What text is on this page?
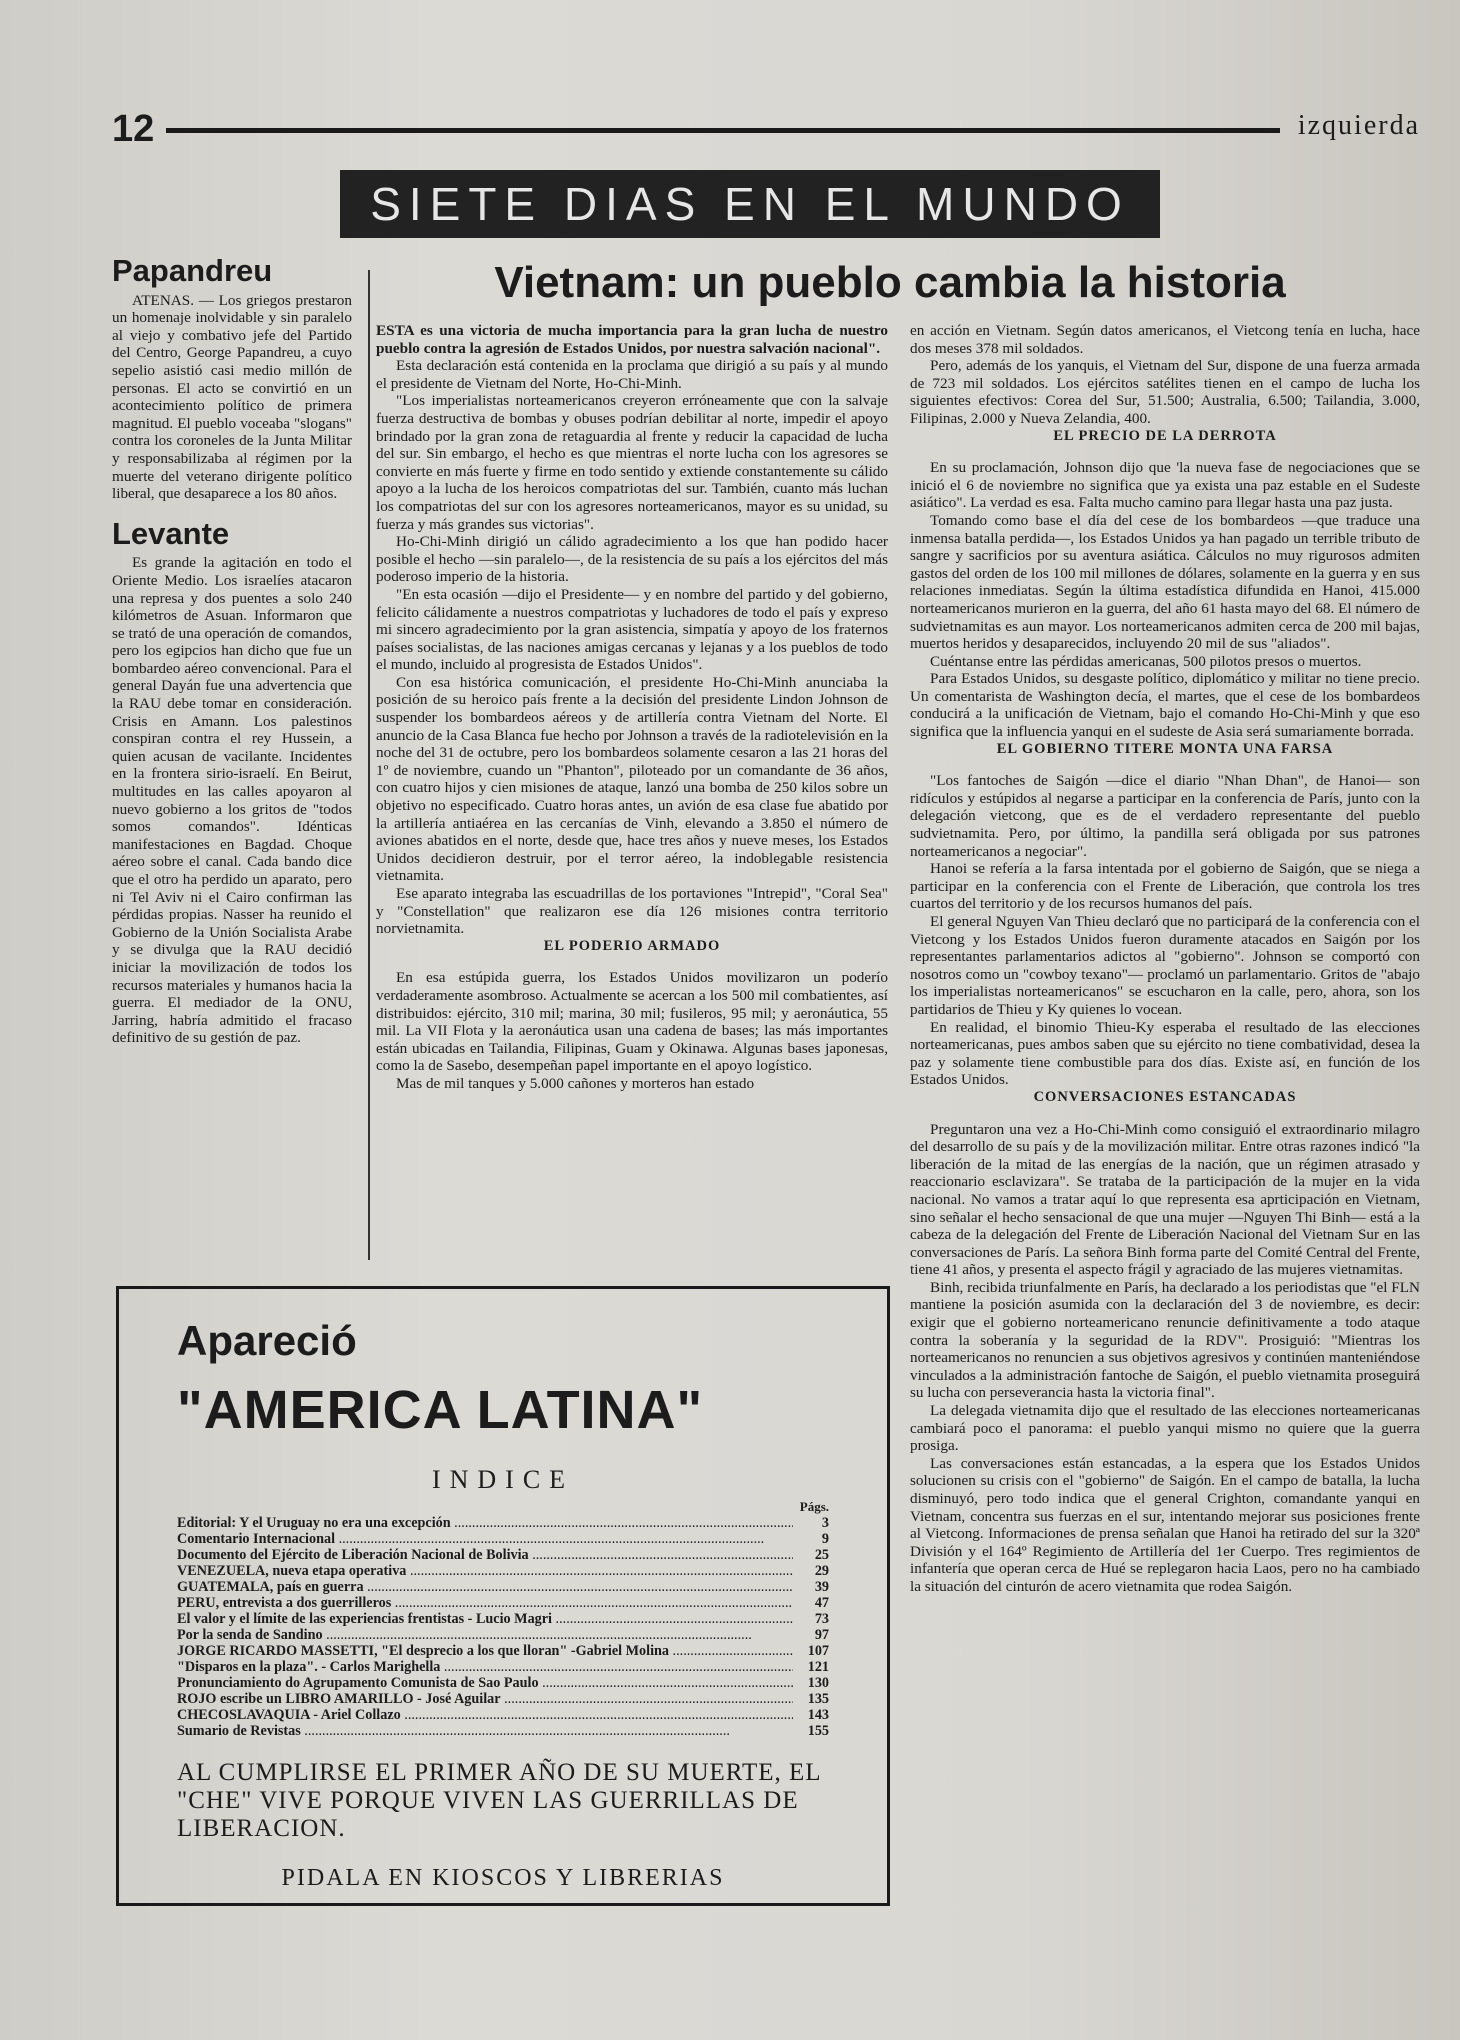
12	izquierda
SIETE DIAS EN EL MUNDO
Papandreu

ATENAS. — Los griegos prestaron un homenaje inolvidable y sin paralelo al viejo y combativo jefe del Partido del Centro, George Papandreu, a cuyo sepelio asistió casi medio millón de personas. El acto se convirtió en un acontecimiento político de primera magnitud. El pueblo voceaba "slogans" contra los coroneles de la Junta Militar y responsabilizaba al régimen por la muerte del veterano dirigente político liberal, que desaparece a los 80 años.

Levante

Es grande la agitación en todo el Oriente Medio. Los israelíes atacaron una represa y dos puentes a solo 240 kilómetros de Asuan. Informaron que se trató de una operación de comandos, pero los egipcios han dicho que fue un bombardeo aéreo convencional. Para el general Dayán fue una advertencia que la RAU debe tomar en consideración. Crisis en Amann. Los palestinos conspiran contra el rey Hussein, a quien acusan de vacilante. Incidentes en la frontera sirio-israelí. En Beirut, multitudes en las calles apoyaron al nuevo gobierno a los gritos de "todos somos comandos". Idénticas manifestaciones en Bagdad. Choque aéreo sobre el canal. Cada bando dice que el otro ha perdido un aparato, pero ni Tel Aviv ni el Cairo confirman las pérdidas propias. Nasser ha reunido el Gobierno de la Unión Socialista Arabe y se divulga que la RAU decidió iniciar la movilización de todos los recursos materiales y humanos hacia la guerra. El mediador de la ONU, Jarring, habría admitido el fracaso definitivo de su gestión de paz.

Vietnam: un pueblo cambia la historia

ESTA es una victoria de mucha importancia para la gran lucha de nuestro pueblo contra la agresión de Estados Unidos, por nuestra salvación nacional".

Esta declaración está contenida en la proclama que dirigió a su país y al mundo el presidente de Vietnam del Norte, Ho-Chi-Minh.

"Los imperialistas norteamericanos creyeron erróneamente que con la salvaje fuerza destructiva de bombas y obuses podrían debilitar al norte, impedir el apoyo brindado por la gran zona de retaguardia al frente y reducir la capacidad de lucha del sur. Sin embargo, el hecho es que mientras el norte lucha con los agresores se convierte en más fuerte y firme en todo sentido y extiende constantemente su cálido apoyo a la lucha de los heroicos compatriotas del sur. También, cuanto más luchan los compatriotas del sur con los agresores norteamericanos, mayor es su unidad, su fuerza y más grandes sus victorias".

Ho-Chi-Minh dirigió un cálido agradecimiento a los que han podido hacer posible el hecho —sin paralelo—, de la resistencia de su país a los ejércitos del más poderoso imperio de la historia.

"En esta ocasión —dijo el Presidente— y en nombre del partido y del gobierno, felicito cálidamente a nuestros compatriotas y luchadores de todo el país y expreso mi sincero agradecimiento por la gran asistencia, simpatía y apoyo de los fraternos países socialistas, de las naciones amigas cercanas y lejanas y a los pueblos de todo el mundo, incluido al progresista de Estados Unidos".

Con esa histórica comunicación, el presidente Ho-Chi-Minh anunciaba la posición de su heroico país frente a la decisión del presidente Lindon Johnson de suspender los bombardeos aéreos y de artillería contra Vietnam del Norte. El anuncio de la Casa Blanca fue hecho por Johnson a través de la radiotelevisión en la noche del 31 de octubre, pero los bombardeos solamente cesaron a las 21 horas del 1º de noviembre, cuando un "Phanton", piloteado por un comandante de 36 años, con cuatro hijos y cien misiones de ataque, lanzó una bomba de 250 kilos sobre un objetivo no especificado. Cuatro horas antes, un avión de esa clase fue abatido por la artillería antiaérea en las cercanías de Vinh, elevando a 3.850 el número de aviones abatidos en el norte, desde que, hace tres años y nueve meses, los Estados Unidos decidieron destruir, por el terror aéreo, la indoblegable resistencia vietnamita.

Ese aparato integraba las escuadrillas de los portaviones "Intrepid", "Coral Sea" y "Constellation" que realizaron ese día 126 misiones contra territorio norvietnamita.

EL PODERIO ARMADO

En esa estúpida guerra, los Estados Unidos movilizaron un poderío verdaderamente asombroso. Actualmente se acercan a los 500 mil combatientes, así distribuidos: ejército, 310 mil; marina, 30 mil; fusileros, 95 mil; y aeronáutica, 55 mil. La VII Flota y la aeronáutica usan una cadena de bases; las más importantes están ubicadas en Tailandia, Filipinas, Guam y Okinawa. Algunas bases japonesas, como la de Sasebo, desempeñan papel importante en el apoyo logístico.

Mas de mil tanques y 5.000 cañones y morteros han estado

en acción en Vietnam. Según datos americanos, el Vietcong tenía en lucha, hace dos meses 378 mil soldados.

Pero, además de los yanquis, el Vietnam del Sur, dispone de una fuerza armada de 723 mil soldados. Los ejércitos satélites tienen en el campo de lucha los siguientes efectivos: Corea del Sur, 51.500; Australia, 6.500; Tailandia, 3.000, Filipinas, 2.000 y Nueva Zelandia, 400.

EL PRECIO DE LA DERROTA

En su proclamación, Johnson dijo que 'la nueva fase de negociaciones que se inició el 6 de noviembre no significa que ya exista una paz estable en el Sudeste asiático". La verdad es esa. Falta mucho camino para llegar hasta una paz justa.

Tomando como base el día del cese de los bombardeos —que traduce una inmensa batalla perdida—, los Estados Unidos ya han pagado un terrible tributo de sangre y sacrificios por su aventura asiática. Cálculos no muy rigurosos admiten gastos del orden de los 100 mil millones de dólares, solamente en la guerra y en sus relaciones inmediatas. Según la última estadística difundida en Hanoi, 415.000 norteamericanos murieron en la guerra, del año 61 hasta mayo del 68. El número de sudvietnamitas es aun mayor. Los norteamericanos admiten cerca de 200 mil bajas, muertos heridos y desaparecidos, incluyendo 20 mil de sus "aliados".

Cuéntanse entre las pérdidas americanas, 500 pilotos presos o muertos.

Para Estados Unidos, su desgaste político, diplomático y militar no tiene precio. Un comentarista de Washington decía, el martes, que el cese de los bombardeos conducirá a la unificación de Vietnam, bajo el comando Ho-Chi-Minh y que eso significa que la influencia yanqui en el sudeste de Asia será sumariamente borrada.

EL GOBIERNO TITERE MONTA UNA FARSA

"Los fantoches de Saigón —dice el diario "Nhan Dhan", de Hanoi— son ridículos y estúpidos al negarse a participar en la conferencia de París, junto con la delegación vietcong, que es de el verdadero representante del pueblo sudvietnamita. Pero, por último, la pandilla será obligada por sus patrones norteamericanos a negociar".

Hanoi se refería a la farsa intentada por el gobierno de Saigón, que se niega a participar en la conferencia con el Frente de Liberación, que controla los tres cuartos del territorio y de los recursos humanos del país.

El general Nguyen Van Thieu declaró que no participará de la conferencia con el Vietcong y los Estados Unidos fueron duramente atacados en Saigón por los representantes parlamentarios adictos al "gobierno". Johnson se comportó con nosotros como un "cowboy texano"— proclamó un parlamentario. Gritos de "abajo los imperialistas norteamericanos" se escucharon en la calle, pero, ahora, son los partidarios de Thieu y Ky quienes lo vocean.

En realidad, el binomio Thieu-Ky esperaba el resultado de las elecciones norteamericanas, pues ambos saben que su ejército no tiene combatividad, desea la paz y solamente tiene combustible para dos días. Existe así, en función de los Estados Unidos.

CONVERSACIONES ESTANCADAS

Preguntaron una vez a Ho-Chi-Minh como consiguió el extraordinario milagro del desarrollo de su país y de la movilización militar. Entre otras razones indicó "la liberación de la mitad de las energías de la nación, que un régimen atrasado y reaccionario esclavizara". Se trataba de la participación de la mujer en la vida nacional. No vamos a tratar aquí lo que representa esa aprticipación en Vietnam, sino señalar el hecho sensacional de que una mujer —Nguyen Thi Binh— está a la cabeza de la delegación del Frente de Liberación Nacional del Vietnam Sur en las conversaciones de París. La señora Binh forma parte del Comité Central del Frente, tiene 41 años, y presenta el aspecto frágil y agraciado de las mujeres vietnamitas.

Binh, recibida triunfalmente en París, ha declarado a los periodistas que "el FLN mantiene la posición asumida con la declaración del 3 de noviembre, es decir: exigir que el gobierno norteamericano renuncie definitivamente a todo ataque contra la soberanía y la seguridad de la RDV". Prosiguió: "Mientras los norteamericanos no renuncien a sus objetivos agresivos y continúen manteniéndose vinculados a la administración fantoche de Saigón, el pueblo vietnamita proseguirá su lucha con perseverancia hasta la victoria final".

La delegada vietnamita dijo que el resultado de las elecciones norteamericanas cambiará poco el panorama: el pueblo yanqui mismo no quiere que la guerra prosiga.

Las conversaciones están estancadas, a la espera que los Estados Unidos solucionen su crisis con el "gobierno" de Saigón. En el campo de batalla, la lucha disminuyó, pero todo indica que el general Crighton, comandante yanqui en Vietnam, concentra sus fuerzas en el sur, intentando mejorar sus posiciones frente al Vietcong. Informaciones de prensa señalan que Hanoi ha retirado del sur la 320ª División y el 164º Regimiento de Artillería del 1er Cuerpo. Tres regimientos de infantería que operan cerca de Hué se replegaron hacia Laos, pero no ha cambiado la situación del cinturón de acero vietnamita que rodea Saigón.

Apareció
"AMERICA LATINA"
INDICE
Págs.
Editorial: Y el Uruguay no era una excepción .....	3
Comentario Internacional .....	9
Documento del Ejército de Liberación Nacional de Bolivia .....	25
VENEZUELA, nueva etapa operativa .....	29
GUATEMALA, país en guerra .....	39
PERU, entrevista a dos guerrilleros .....	47
El valor y el límite de las experiencias frentistas - Lucio Magri .....	73
Por la senda de Sandino .....	97
JORGE RICARDO MASSETTI, "El desprecio a los que lloran" -Gabriel Molina .....	107
"Disparos en la plaza". - Carlos Marighella .....	121
Pronunciamiento do Agrupamento Comunista de Sao Paulo .....	130
ROJO escribe un LIBRO AMARILLO - José Aguilar .....	135
CHECOSLAVAQUIA - Ariel Collazo .....	143
Sumario de Revistas .....	155
AL CUMPLIRSE EL PRIMER AÑO DE SU MUERTE, EL "CHE" VIVE PORQUE VIVEN LAS GUERRILLAS DE LIBERACION.
PIDALA EN KIOSCOS Y LIBRERIAS
